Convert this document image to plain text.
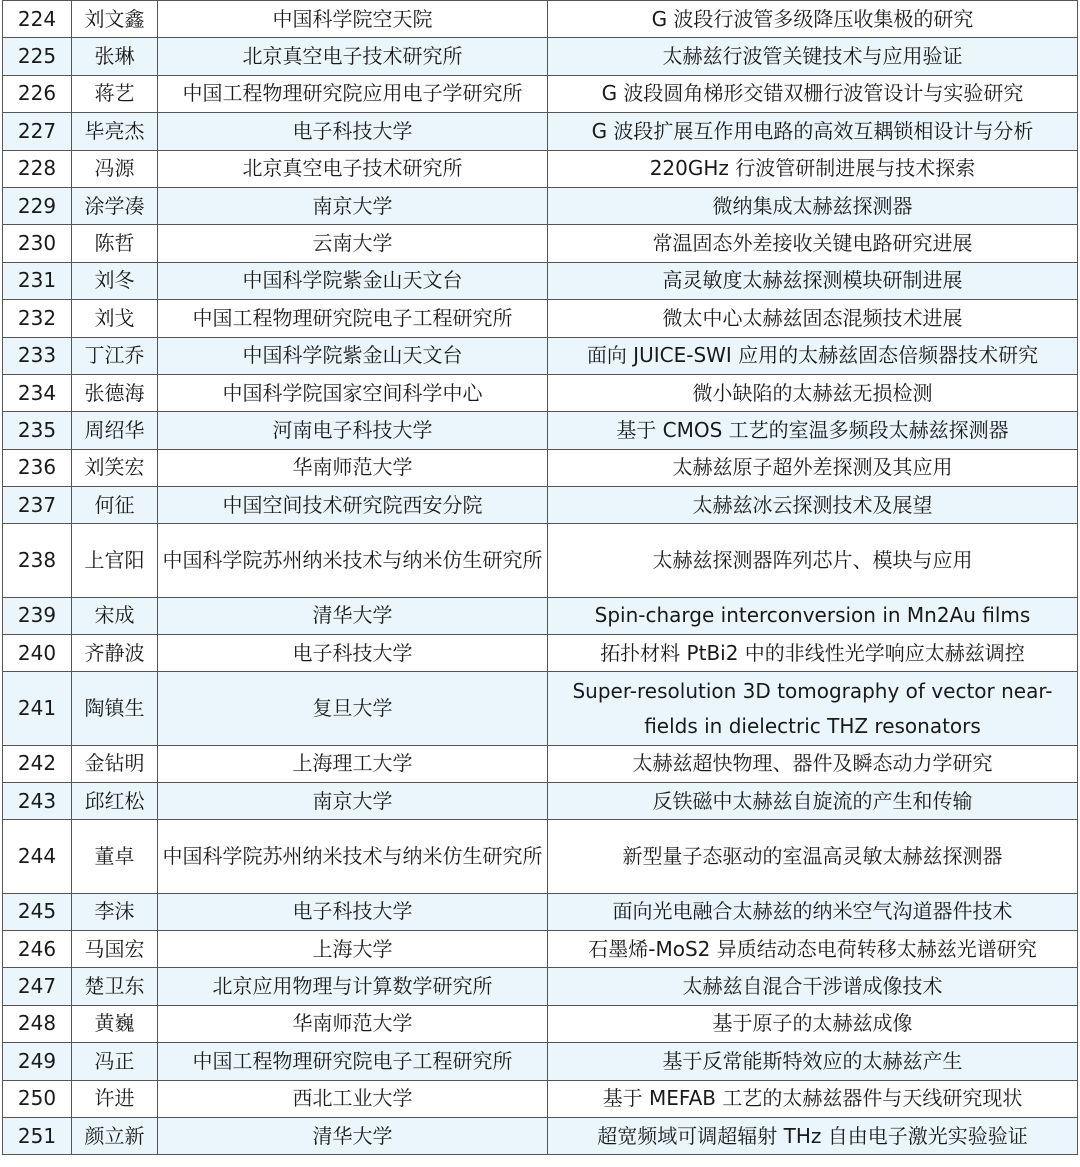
224	刘文鑫	中国科学院空天院	G 波段行波管多级降压收集极的研究
225	张琳	北京真空电子技术研究所	太赫兹行波管关键技术与应用验证
226	蒋艺	中国工程物理研究院应用电子学研究所	G 波段圆角梯形交错双栅行波管设计与实验研究
227	毕亮杰	电子科技大学	G 波段扩展互作用电路的高效互耦锁相设计与分析
228	冯源	北京真空电子技术研究所	220GHz 行波管研制进展与技术探索
229	涂学凑	南京大学	微纳集成太赫兹探测器
230	陈哲	云南大学	常温固态外差接收关键电路研究进展
231	刘冬	中国科学院紫金山天文台	高灵敏度太赫兹探测模块研制进展
232	刘戈	中国工程物理研究院电子工程研究所	微太中心太赫兹固态混频技术进展
233	丁江乔	中国科学院紫金山天文台	面向 JUICE-SWI 应用的太赫兹固态倍频器技术研究
234	张德海	中国科学院国家空间科学中心	微小缺陷的太赫兹无损检测
235	周绍华	河南电子科技大学	基于 CMOS 工艺的室温多频段太赫兹探测器
236	刘笑宏	华南师范大学	太赫兹原子超外差探测及其应用
237	何征	中国空间技术研究院西安分院	太赫兹冰云探测技术及展望
238	上官阳	中国科学院苏州纳米技术与纳米仿生研究所	太赫兹探测器阵列芯片、模块与应用
239	宋成	清华大学	Spin-charge interconversion in Mn2Au films
240	齐静波	电子科技大学	拓扑材料 PtBi2 中的非线性光学响应太赫兹调控
241	陶镇生	复旦大学	Super-resolution 3D tomography of vector near-fields in dielectric THZ resonators
242	金钻明	上海理工大学	太赫兹超快物理、器件及瞬态动力学研究
243	邱红松	南京大学	反铁磁中太赫兹自旋流的产生和传输
244	董卓	中国科学院苏州纳米技术与纳米仿生研究所	新型量子态驱动的室温高灵敏太赫兹探测器
245	李沫	电子科技大学	面向光电融合太赫兹的纳米空气沟道器件技术
246	马国宏	上海大学	石墨烯-MoS2 异质结动态电荷转移太赫兹光谱研究
247	楚卫东	北京应用物理与计算数学研究所	太赫兹自混合干涉谱成像技术
248	黄巍	华南师范大学	基于原子的太赫兹成像
249	冯正	中国工程物理研究院电子工程研究所	基于反常能斯特效应的太赫兹产生
250	许进	西北工业大学	基于 MEFAB 工艺的太赫兹器件与天线研究现状
251	颜立新	清华大学	超宽频域可调超辐射 THz 自由电子激光实验验证
